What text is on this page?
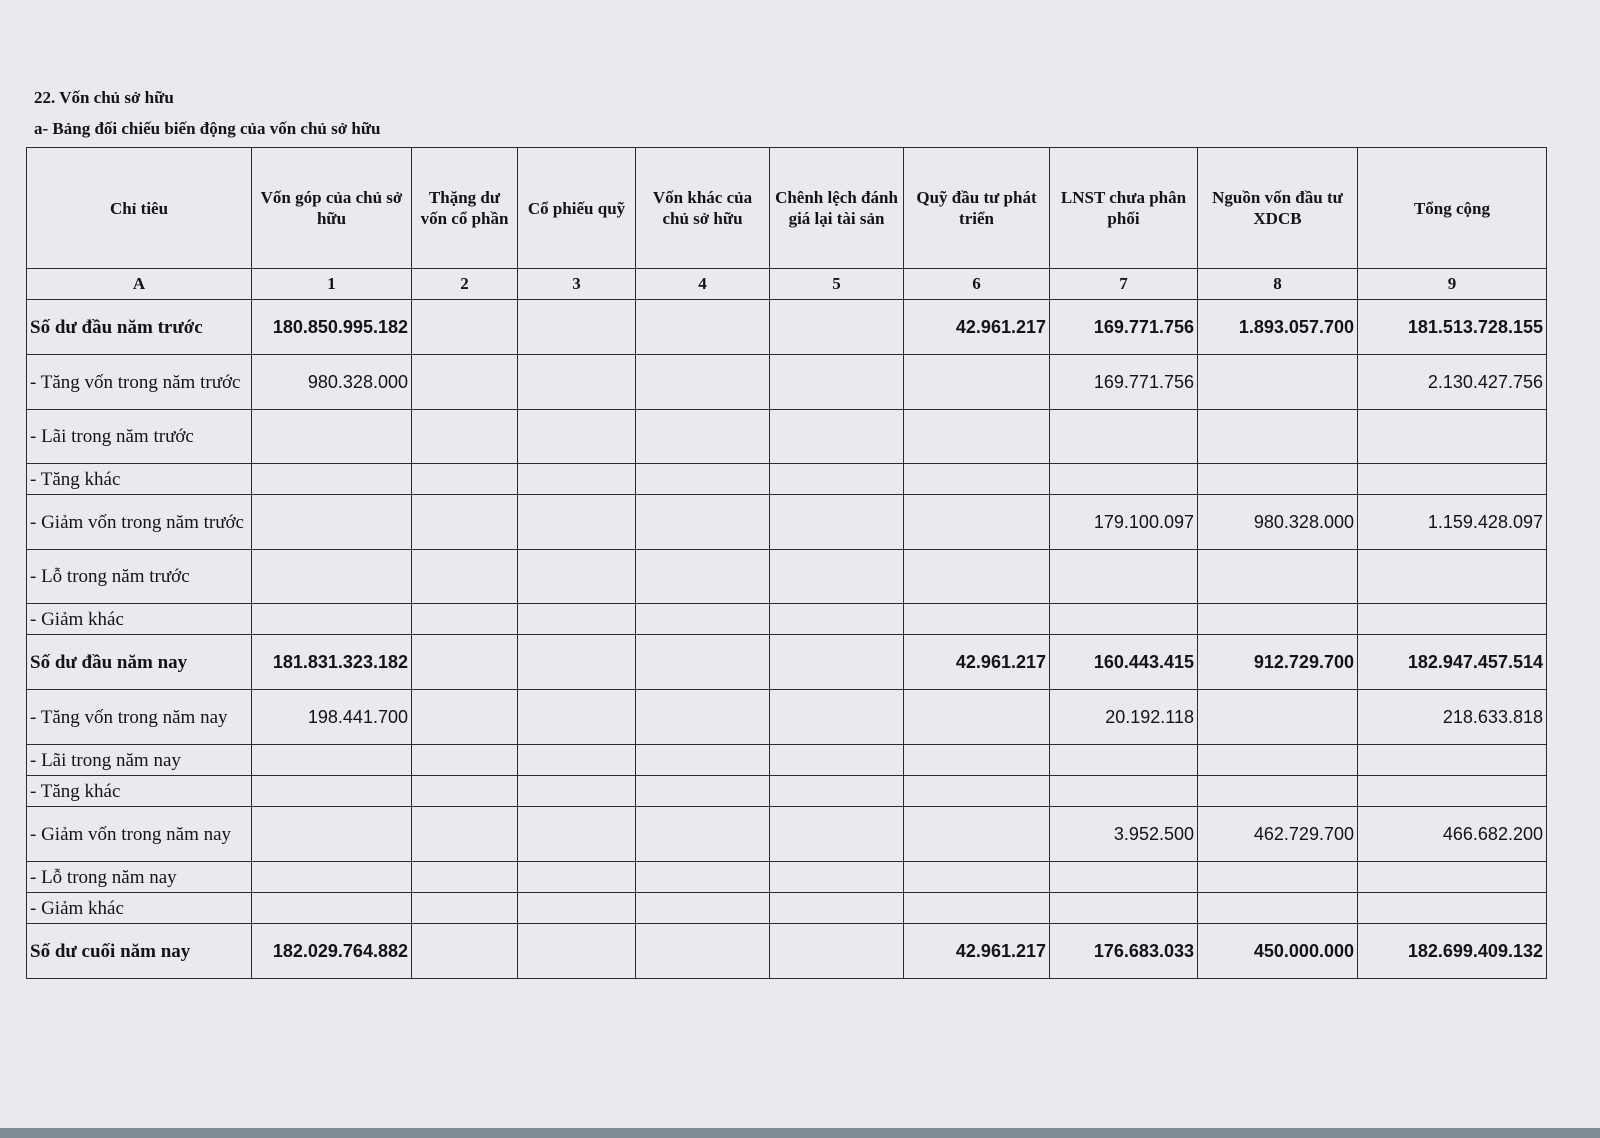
22. Vốn chủ sở hữu
a- Bảng đối chiếu biến động của vốn chủ sở hữu
Chỉ tiêu	Vốn góp của chủ sở hữu	Thặng dư vốn cổ phần	Cổ phiếu quỹ	Vốn khác của chủ sở hữu	Chênh lệch đánh giá lại tài sản	Quỹ đầu tư phát triển	LNST chưa phân phối	Nguồn vốn đầu tư XDCB	Tổng cộng
A	1	2	3	4	5	6	7	8	9
Số dư đầu năm trước	180.850.995.182					42.961.217	169.771.756	1.893.057.700	181.513.728.155
- Tăng vốn trong năm trước	980.328.000						169.771.756		2.130.427.756
- Lãi trong năm trước									
- Tăng khác									
- Giảm vốn trong năm trước							179.100.097	980.328.000	1.159.428.097
- Lỗ trong năm trước									
- Giảm khác									
Số dư đầu năm nay	181.831.323.182					42.961.217	160.443.415	912.729.700	182.947.457.514
- Tăng vốn trong năm nay	198.441.700						20.192.118		218.633.818
- Lãi trong năm nay									
- Tăng khác									
- Giảm vốn trong năm nay							3.952.500	462.729.700	466.682.200
- Lỗ trong năm nay									
- Giảm khác									
Số dư cuối năm nay	182.029.764.882					42.961.217	176.683.033	450.000.000	182.699.409.132
